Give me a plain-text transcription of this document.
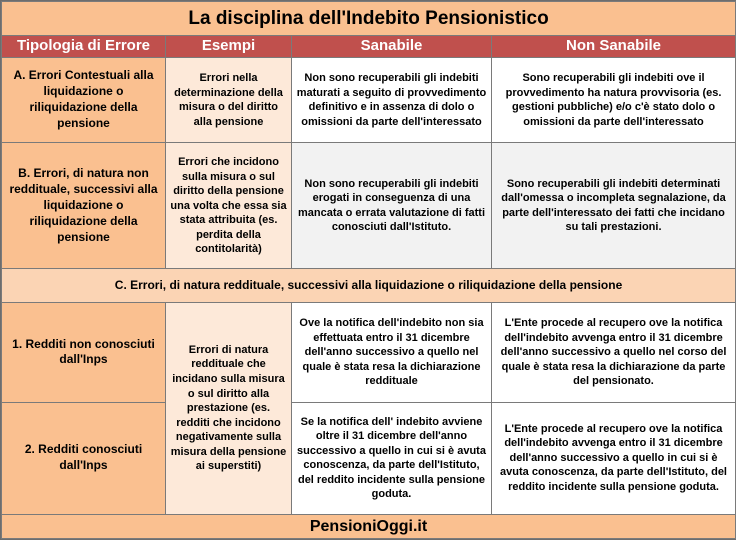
La disciplina dell'Indebito Pensionistico			
Tipologia di Errore	Esempi	Sanabile	Non Sanabile
A. Errori Contestuali alla liquidazione o riliquidazione della pensione	Errori nella determinazione della misura o del diritto alla pensione	Non sono recuperabili gli indebiti maturati a seguito di provvedimento definitivo e in assenza di dolo o omissioni da parte dell'interessato	Sono recuperabili gli indebiti ove il provvedimento ha natura provvisoria (es. gestioni pubbliche) e/o c'è stato dolo o omissioni da parte dell'interessato
B. Errori, di natura non reddituale, successivi alla liquidazione o riliquidazione della pensione	Errori che incidono sulla misura o sul diritto della pensione una volta che essa sia stata attribuita (es. perdita della contitolarità)	Non sono recuperabili gli indebiti erogati in conseguenza di una mancata o errata valutazione di fatti conosciuti dall'Istituto.	Sono recuperabili gli indebiti determinati dall'omessa o incompleta segnalazione, da parte dell'interessato dei fatti che incidano su tali prestazioni.
C. Errori, di natura reddituale, successivi alla liquidazione o riliquidazione della pensione			
1. Redditi non conosciuti dall'Inps	Errori di natura reddituale che incidano sulla misura o sul diritto alla prestazione (es. redditi che incidono negativamente sulla misura della pensione ai superstiti)	Ove la notifica dell'indebito non sia effettuata entro il 31 dicembre dell'anno successivo a quello nel quale è stata resa la dichiarazione reddituale	L'Ente procede al recupero ove la notifica dell'indebito avvenga entro il 31 dicembre dell'anno successivo a quello nel corso del quale è stata resa la dichiarazione da parte del pensionato.
2. Redditi conosciuti dall'Inps		Se la notifica dell' indebito avviene oltre il 31 dicembre dell'anno successivo a quello in cui si è avuta conoscenza, da parte dell'Istituto, del reddito incidente sulla pensione goduta.	L'Ente procede al recupero ove la notifica dell'indebito avvenga entro il 31 dicembre dell'anno successivo a quello in cui si è avuta conoscenza, da parte dell'Istituto, del reddito incidente sulla pensione goduta.
PensioniOggi.it			
